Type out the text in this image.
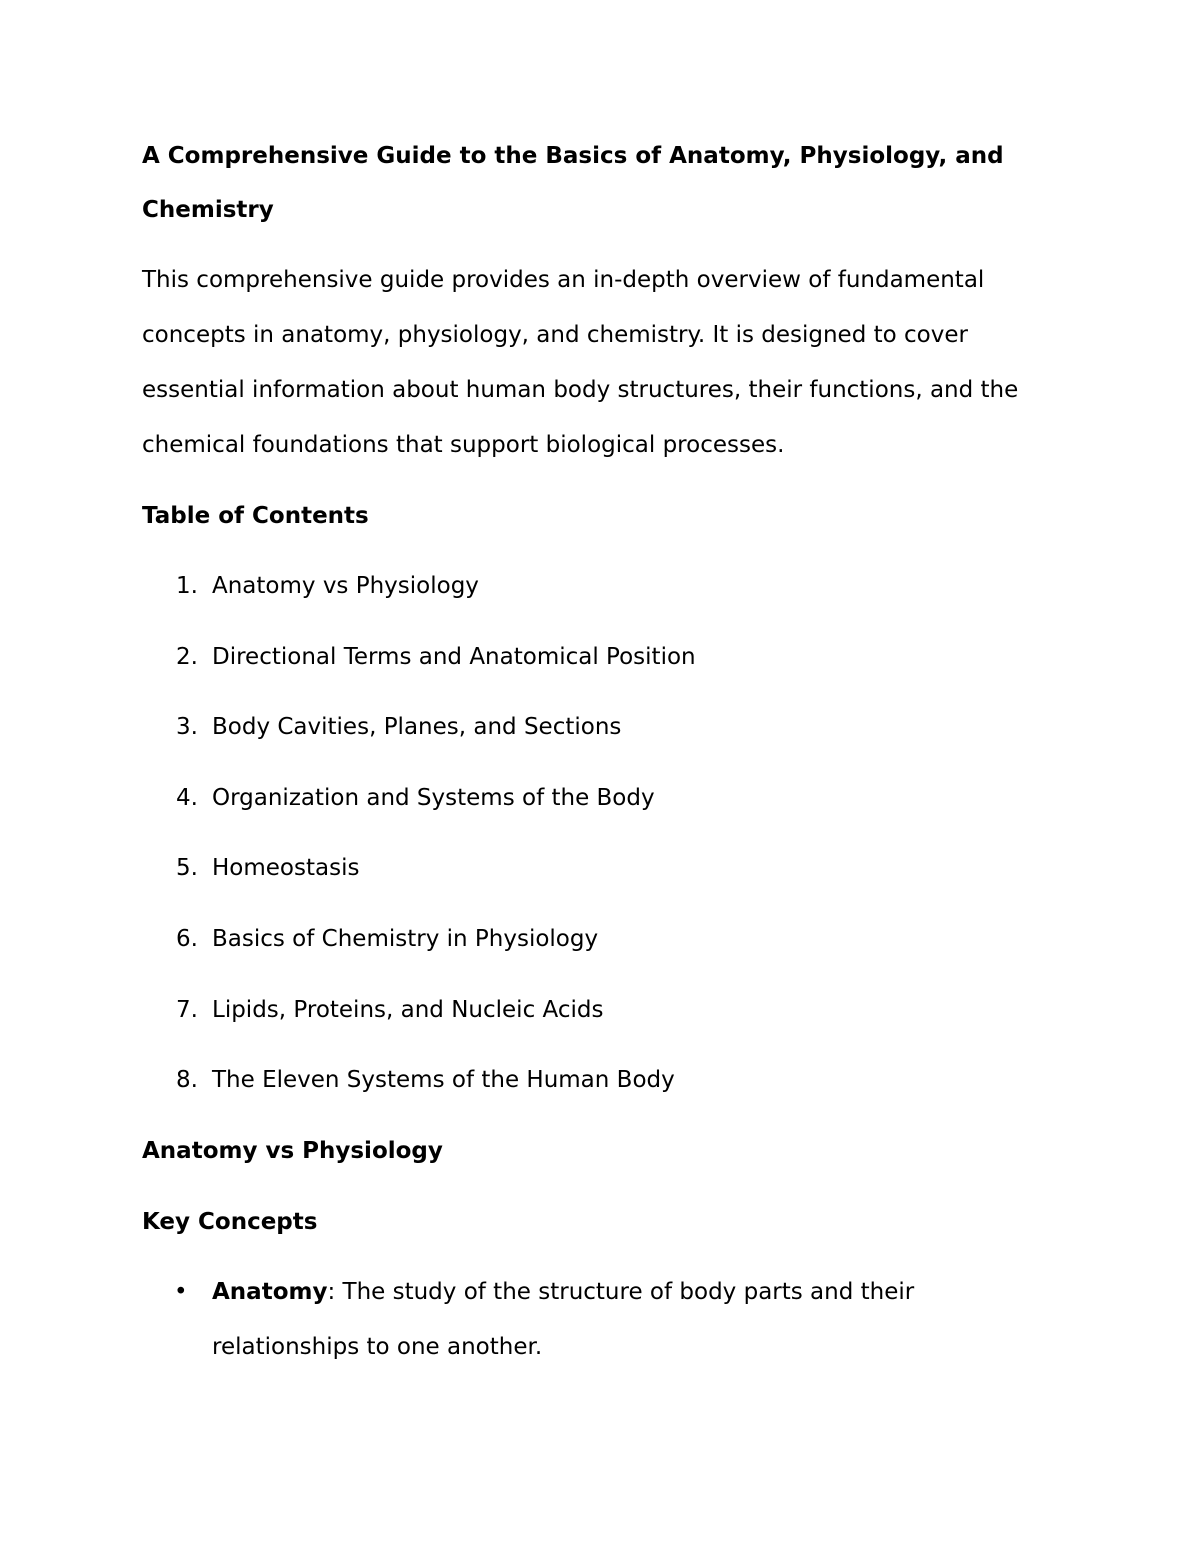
A Comprehensive Guide to the Basics of Anatomy, Physiology, and
Chemistry
This comprehensive guide provides an in-depth overview of fundamental
concepts in anatomy, physiology, and chemistry. It is designed to cover
essential information about human body structures, their functions, and the
chemical foundations that support biological processes.
Table of Contents
1. Anatomy vs Physiology
2. Directional Terms and Anatomical Position
3. Body Cavities, Planes, and Sections
4. Organization and Systems of the Body
5. Homeostasis
6. Basics of Chemistry in Physiology
7. Lipids, Proteins, and Nucleic Acids
8. The Eleven Systems of the Human Body
Anatomy vs Physiology
Key Concepts
• Anatomy: The study of the structure of body parts and their
relationships to one another.
